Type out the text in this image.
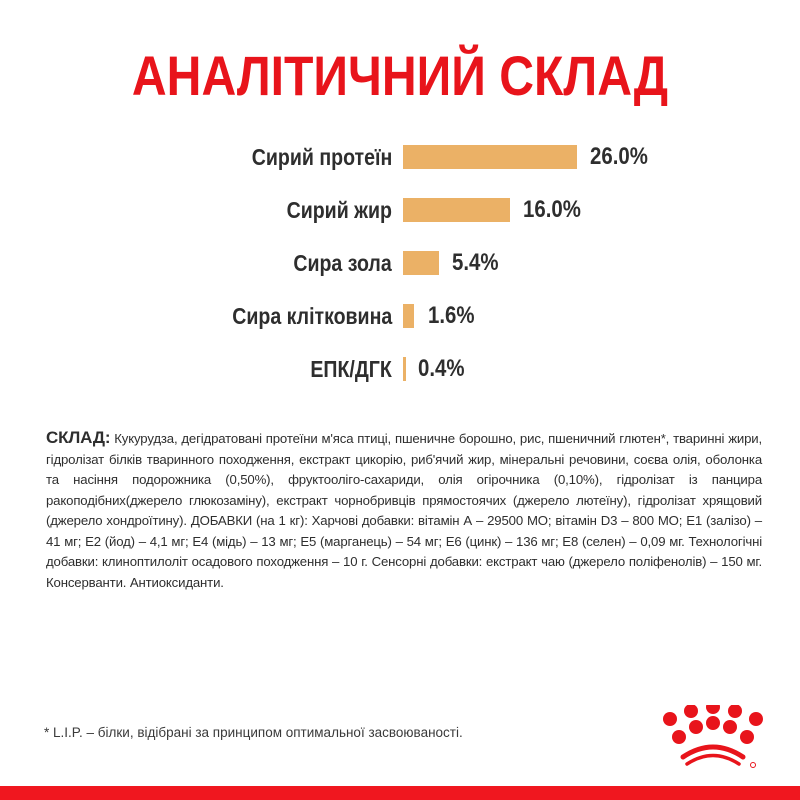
АНАЛІТИЧНИЙ СКЛАД
Сирий протеїн	26.0%
Сирий жир	16.0%
Сира зола	5.4%
Сира клітковина 1.6%
ЕПК/ДГК 0.4%
СКЛАД: Кукурудза, дегідратовані протеїни м'яса птиці, пшеничне борошно, рис, пшеничний глютен*, тваринні жири, гідролізат білків тваринного походження, екстракт цикорію, риб'ячий жир, мінеральні речовини, соєва олія, оболонка та насіння подорожника (0,50%), фруктоолігo-сахариди, олія огірочника (0,10%), гідролізат із панцира ракоподібних(джерело глюкозаміну), екстракт чорнобривців прямостоячих (джерело лютеїну), гідролізат хрящовий (джерело хондроїтину). ДОБАВКИ (на 1 кг): Харчові добавки: вітамін А – 29500 МО; вітамін D3 – 800 МО; Е1 (залізо) – 41 мг; Е2 (йод) – 4,1 мг; Е4 (мідь) – 13 мг; Е5 (марганець) – 54 мг; Е6 (цинк) – 136 мг; Е8 (селен) – 0,09 мг. Технологічні добавки: клиноптилоліт осадового походження – 10 г. Сенсорні добавки: екстракт чаю (джерело поліфенолів) – 150 мг. Консерванти. Антиоксиданти.
* L.I.P. – білки, відібрані за принципом оптимальної засвоюваності.
